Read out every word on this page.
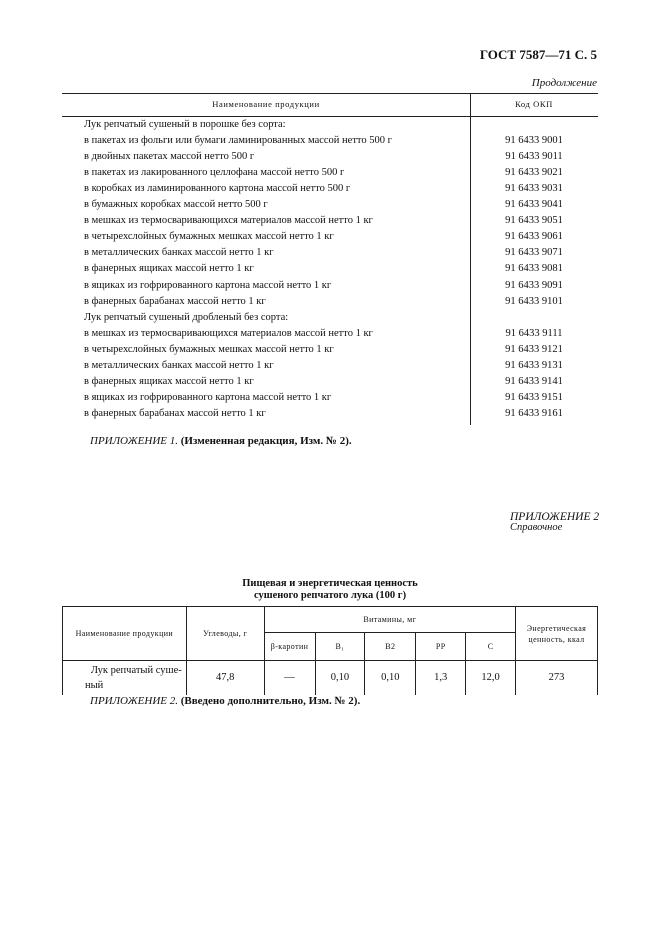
ГОСТ 7587—71 С. 5
Продолжение
Наименование продукции	Код ОКП
Лук репчатый сушеный в порошке без сорта:
в пакетах из фольги или бумаги ламинированных массой нетто 500 г	91 6433 9001
в двойных пакетах массой нетто 500 г	91 6433 9011
в пакетах из лакированного целлофана массой нетто 500 г	91 6433 9021
в коробках из ламинированного картона массой нетто 500 г	91 6433 9031
в бумажных коробках массой нетто 500 г	91 6433 9041
в мешках из термосваривающихся материалов массой нетто 1 кг	91 6433 9051
в четырехслойных бумажных мешках массой нетто 1 кг	91 6433 9061
в металлических банках массой нетто 1 кг	91 6433 9071
в фанерных ящиках массой нетто 1 кг	91 6433 9081
в ящиках из гофрированного картона массой нетто 1 кг	91 6433 9091
в фанерных барабанах массой нетто 1 кг	91 6433 9101
Лук репчатый сушеный дробленый без сорта:
в мешках из термосваривающихся материалов массой нетто 1 кг	91 6433 9111
в четырехслойных бумажных мешках массой нетто 1 кг	91 6433 9121
в металлических банках массой нетто 1 кг	91 6433 9131
в фанерных ящиках массой нетто 1 кг	91 6433 9141
в ящиках из гофрированного картона массой нетто 1 кг	91 6433 9151
в фанерных барабанах массой нетто 1 кг	91 6433 9161
ПРИЛОЖЕНИЕ 1. (Измененная редакция, Изм. № 2).
ПРИЛОЖЕНИЕ 2
Справочное
Пищевая и энергетическая ценность
сушеного репчатого лука (100 г)
Наименование продукции	Углеводы, г	Витамины, мг					Энергетическая ценность, ккал
		β-каротин	B₁	B2	PP	C	
Лук репчатый суше-

ный	47,8	—	0,10	0,10	1,3	12,0	273
ПРИЛОЖЕНИЕ 2. (Введено дополнительно, Изм. № 2).
